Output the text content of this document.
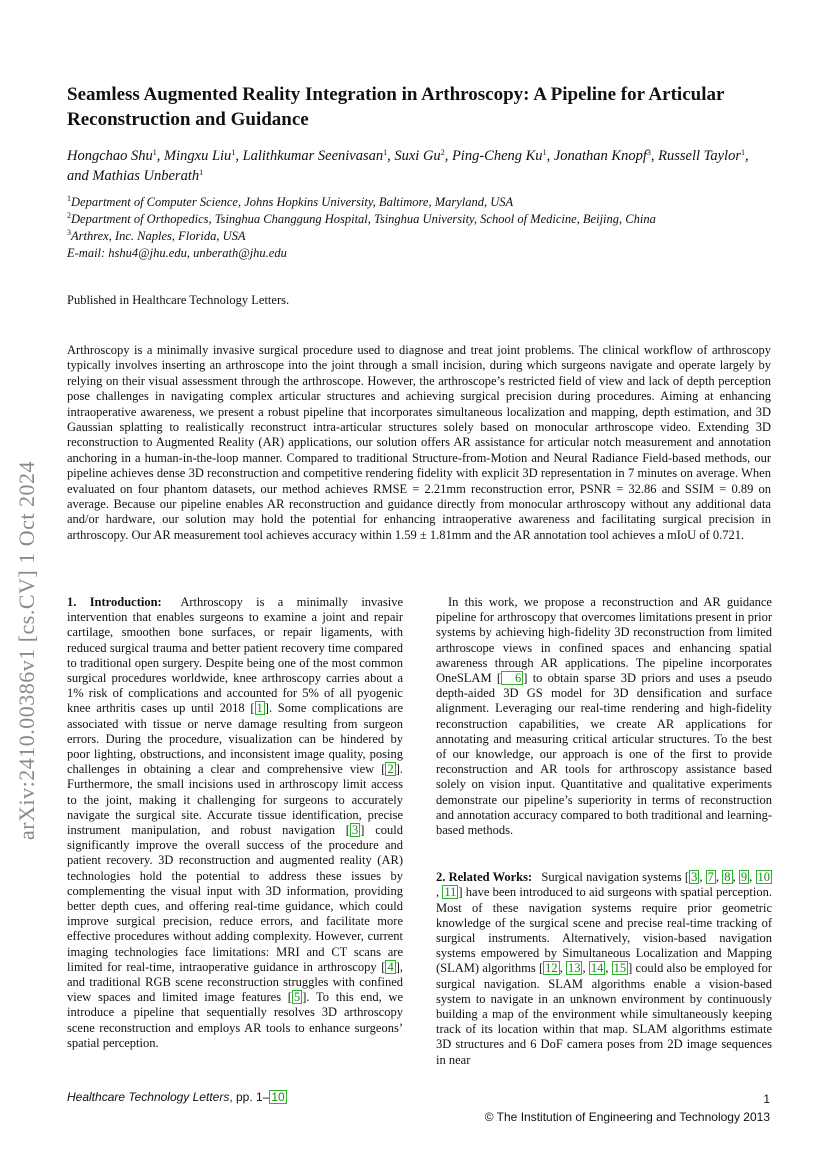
arXiv:2410.00386v1 [cs.CV] 1 Oct 2024
Seamless Augmented Reality Integration in Arthroscopy: A Pipeline for Articular Reconstruction and Guidance
Hongchao Shu$^1$, Mingxu Liu$^1$, Lalithkumar Seenivasan$^1$, Suxi Gu$^2$, Ping-Cheng Ku$^1$, Jonathan Knopf$^3$, Russell Taylor$^1$, and Mathias Unberath$^1$
$^1$Department of Computer Science, Johns Hopkins University, Baltimore, Maryland, USA
$^2$Department of Orthopedics, Tsinghua Changgung Hospital, Tsinghua University, School of Medicine, Beijing, China
$^3$Arthrex, Inc. Naples, Florida, USA
E-mail: hshu4@jhu.edu, unberath@jhu.edu
Published in Healthcare Technology Letters.
Arthroscopy is a minimally invasive surgical procedure used to diagnose and treat joint problems. The clinical workflow of arthroscopy typically involves inserting an arthroscope into the joint through a small incision, during which surgeons navigate and operate largely by relying on their visual assessment through the arthroscope. However, the arthroscope’s restricted field of view and lack of depth perception pose challenges in navigating complex articular structures and achieving surgical precision during procedures. Aiming at enhancing intraoperative awareness, we present a robust pipeline that incorporates simultaneous localization and mapping, depth estimation, and 3D Gaussian splatting to realistically reconstruct intra-articular structures solely based on monocular arthroscope video. Extending 3D reconstruction to Augmented Reality (AR) applications, our solution offers AR assistance for articular notch measurement and annotation anchoring in a human-in-the-loop manner. Compared to traditional Structure-from-Motion and Neural Radiance Field-based methods, our pipeline achieves dense 3D reconstruction and competitive rendering fidelity with explicit 3D representation in 7 minutes on average. When evaluated on four phantom datasets, our method achieves RMSE = 2.21mm reconstruction error, PSNR = 32.86 and SSIM = 0.89 on average. Because our pipeline enables AR reconstruction and guidance directly from monocular arthroscopy without any additional data and/or hardware, our solution may hold the potential for enhancing intraoperative awareness and facilitating surgical precision in arthroscopy. Our AR measurement tool achieves accuracy within 1.59 ± 1.81mm and the AR annotation tool achieves a mIoU of 0.721.

1. Introduction: Arthroscopy is a minimally invasive intervention that enables surgeons to examine a joint and repair cartilage, smoothen bone surfaces, or repair ligaments, with reduced surgical trauma and better patient recovery time compared to traditional open surgery. Despite being one of the most common surgical procedures worldwide, knee arthroscopy carries about a 1% risk of complications and accounted for 5% of all pyogenic knee arthritis cases up until 2018 [ 1 ]. Some complications are associated with tissue or nerve damage resulting from surgeon errors. During the procedure, visualization can be hindered by poor lighting, obstructions, and inconsistent image quality, posing challenges in obtaining a clear and comprehensive view [ 2 ]. Furthermore, the small incisions used in arthroscopy limit access to the joint, making it challenging for surgeons to accurately navigate the surgical site. Accurate tissue identification, precise instrument manipulation, and robust navigation [ 3 ] could significantly improve the overall success of the procedure and patient recovery. 3D reconstruction and augmented reality (AR) technologies hold the potential to address these issues by complementing the visual input with 3D information, providing better depth cues, and offering real-time guidance, which could improve surgical precision, reduce errors, and facilitate more effective procedures without adding complexity. However, current imaging technologies face limitations: MRI and CT scans are limited for real-time, intraoperative guidance in arthroscopy [ 4 ], and traditional RGB scene reconstruction struggles with confined view spaces and limited image features [ 5 ]. To this end, we introduce a pipeline that sequentially resolves 3D arthroscopy scene reconstruction and employs AR tools to enhance surgeons’ spatial perception.

In this work, we propose a reconstruction and AR guidance pipeline for arthroscopy that overcomes limitations present in prior systems by achieving high-fidelity 3D reconstruction from limited arthroscope views in confined spaces and enhancing spatial awareness through AR applications. The pipeline incorporates OneSLAM [ 6 ] to obtain sparse 3D priors and uses a pseudo depth-aided 3D GS model for 3D densification and surface alignment. Leveraging our real-time rendering and high-fidelity reconstruction capabilities, we create AR applications for annotating and measuring critical articular structures. To the best of our knowledge, our approach is one of the first to provide reconstruction and AR tools for arthroscopy assistance based solely on vision input. Quantitative and qualitative experiments demonstrate our pipeline’s superiority in terms of reconstruction and annotation accuracy compared to both traditional and learning-based methods.

2. Related Works: Surgical navigation systems [ 3 , 7 , 8 , 9 , 10, 11 ] have been introduced to aid surgeons with spatial perception. Most of these navigation systems require prior geometric knowledge of the surgical scene and precise real-time tracking of surgical instruments. Alternatively, vision-based navigation systems empowered by Simultaneous Localization and Mapping (SLAM) algorithms [ 12 , 13 , 14 , 15 ] could also be employed for surgical navigation. SLAM algorithms enable a vision-based system to navigate in an unknown environment by continuously building a map of the environment while simultaneously keeping track of its location within that map. SLAM algorithms estimate 3D structures and 6 DoF camera poses from 2D image sequences in near

Healthcare Technology Letters, pp. 1– 10	1
© The Institution of Engineering and Technology 2013
